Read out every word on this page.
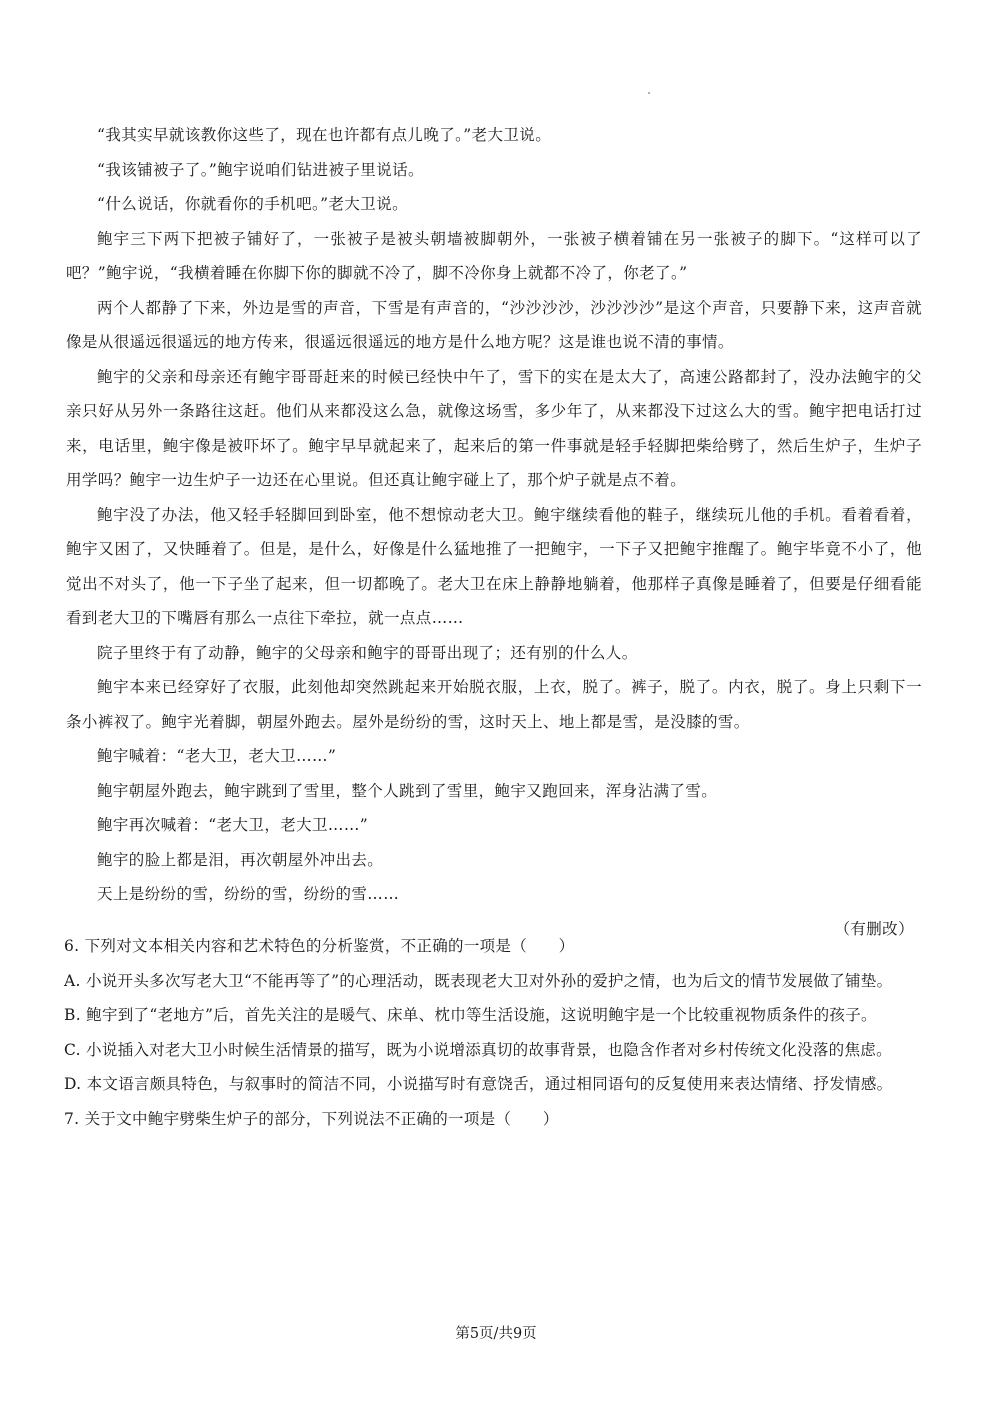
“我其实早就该教你这些了，现在也许都有点儿晚了。”老大卫说。

“我该铺被子了。”鲍宇说咱们钻进被子里说话。

“什么说话，你就看你的手机吧。”老大卫说。

鲍宇三下两下把被子铺好了，一张被子是被头朝墙被脚朝外，一张被子横着铺在另一张被子的脚下。“这样可以了吧？”鲍宇说，“我横着睡在你脚下你的脚就不冷了，脚不冷你身上就都不冷了，你老了。”

两个人都静了下来，外边是雪的声音，下雪是有声音的，“沙沙沙沙，沙沙沙沙”是这个声音，只要静下来，这声音就像是从很遥远很遥远的地方传来，很遥远很遥远的地方是什么地方呢？这是谁也说不清的事情。

鲍宇的父亲和母亲还有鲍宇哥哥赶来的时候已经快中午了，雪下的实在是太大了，高速公路都封了，没办法鲍宇的父亲只好从另外一条路往这赶。他们从来都没这么急，就像这场雪，多少年了，从来都没下过这么大的雪。鲍宇把电话打过来，电话里，鲍宇像是被吓坏了。鲍宇早早就起来了，起来后的第一件事就是轻手轻脚把柴给劈了，然后生炉子，生炉子用学吗？鲍宇一边生炉子一边还在心里说。但还真让鲍宇碰上了，那个炉子就是点不着。

鲍宇没了办法，他又轻手轻脚回到卧室，他不想惊动老大卫。鲍宇继续看他的鞋子，继续玩儿他的手机。看着看着，鲍宇又困了，又快睡着了。但是，是什么，好像是什么猛地推了一把鲍宇，一下子又把鲍宇推醒了。鲍宇毕竟不小了，他觉出不对头了，他一下子坐了起来，但一切都晚了。老大卫在床上静静地躺着，他那样子真像是睡着了，但要是仔细看能看到老大卫的下嘴唇有那么一点往下牵拉，就一点点……

院子里终于有了动静，鲍宇的父母亲和鲍宇的哥哥出现了；还有别的什么人。

鲍宇本来已经穿好了衣服，此刻他却突然跳起来开始脱衣服，上衣，脱了。裤子，脱了。内衣，脱了。身上只剩下一条小裤衩了。鲍宇光着脚，朝屋外跑去。屋外是纷纷的雪，这时天上、地上都是雪，是没膝的雪。

鲍宇喊着：“老大卫，老大卫……”

鲍宇朝屋外跑去，鲍宇跳到了雪里，整个人跳到了雪里，鲍宇又跑回来，浑身沾满了雪。

鲍宇再次喊着：“老大卫，老大卫……”

鲍宇的脸上都是泪，再次朝屋外冲出去。

天上是纷纷的雪，纷纷的雪，纷纷的雪……

（有删改）

6. 下列对文本相关内容和艺术特色的分析鉴赏，不正确的一项是（　　）

A. 小说开头多次写老大卫“不能再等了”的心理活动，既表现老大卫对外孙的爱护之情，也为后文的情节发展做了铺垫。

B. 鲍宇到了“老地方”后，首先关注的是暖气、床单、枕巾等生活设施，这说明鲍宇是一个比较重视物质条件的孩子。

C. 小说插入对老大卫小时候生活情景的描写，既为小说增添真切的故事背景，也隐含作者对乡村传统文化没落的焦虑。

D. 本文语言颇具特色，与叙事时的简洁不同，小说描写时有意饶舌，通过相同语句的反复使用来表达情绪、抒发情感。

7. 关于文中鲍宇劈柴生炉子的部分，下列说法不正确的一项是（　　）

第5页/共9页
